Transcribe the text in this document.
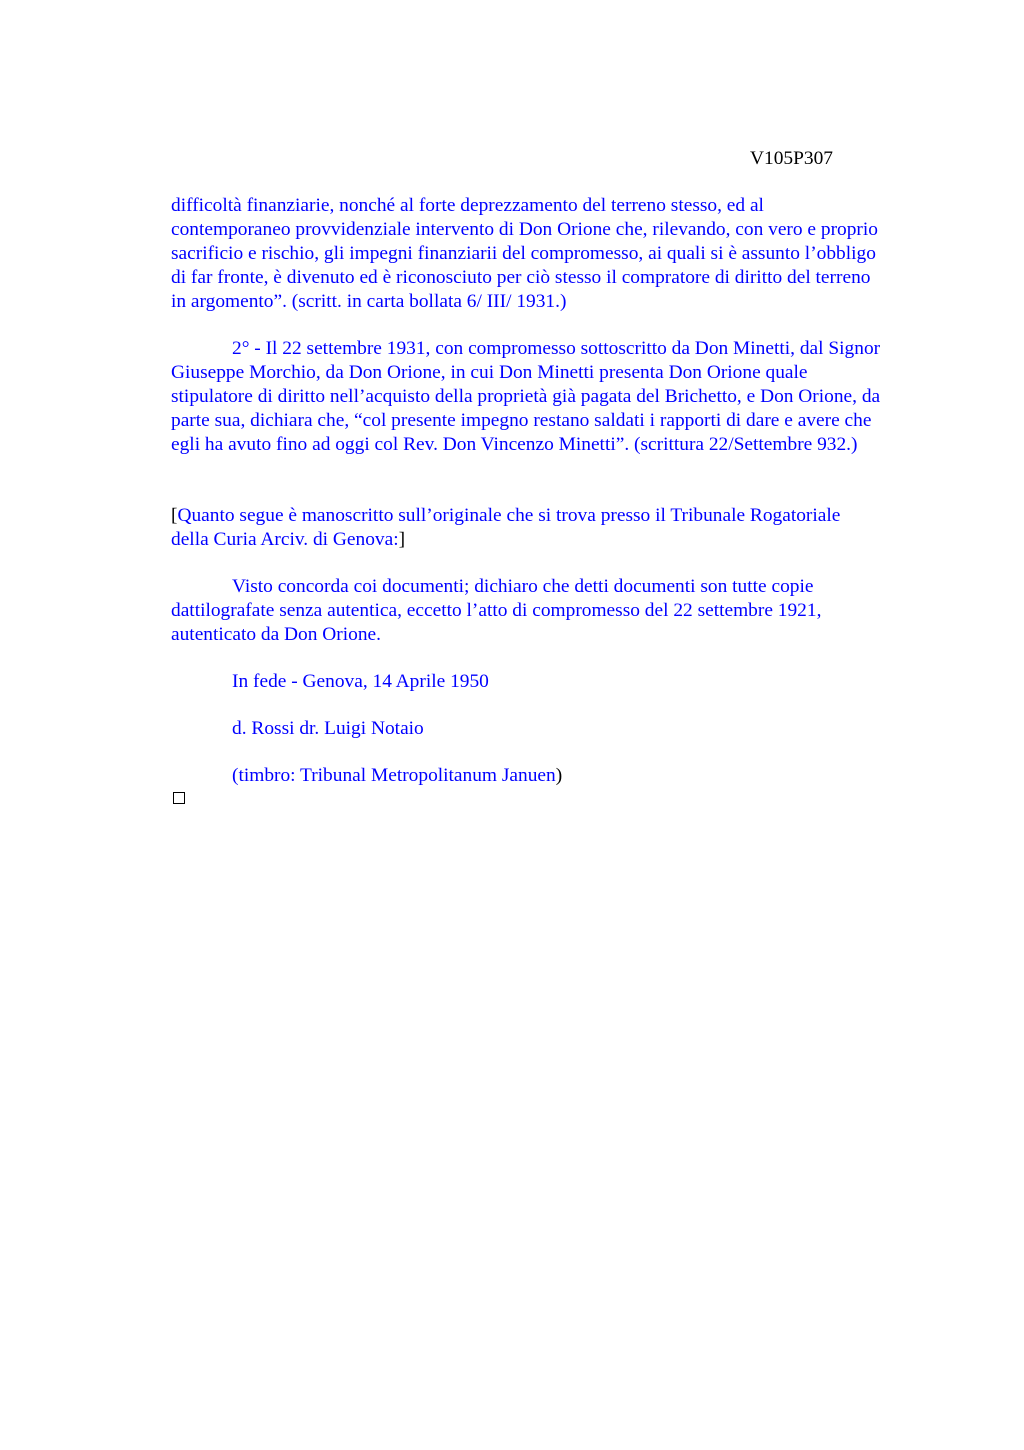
V105P307

difficoltà finanziarie, nonché al forte deprezzamento del terreno stesso, ed al
contemporaneo provvidenziale intervento di Don Orione che, rilevando, con vero e proprio
sacrificio e rischio, gli impegni finanziarii del compromesso, ai quali si è assunto l’obbligo
di far fronte, è divenuto ed è riconosciuto per ciò stesso il compratore di diritto del terreno
in argomento”. (scritt. in carta bollata 6/ III/ 1931.)

2° - Il 22 settembre 1931, con compromesso sottoscritto da Don Minetti, dal Signor
Giuseppe Morchio, da Don Orione, in cui Don Minetti presenta Don Orione quale
stipulatore di diritto nell’acquisto della proprietà già pagata del Brichetto, e Don Orione, da
parte sua, dichiara che, “col presente impegno restano saldati i rapporti di dare e avere che
egli ha avuto fino ad oggi col Rev. Don Vincenzo Minetti”. (scrittura 22/Settembre 932.)

[Quanto segue è manoscritto sull’originale che si trova presso il Tribunale Rogatoriale
della Curia Arciv. di Genova:]

Visto concorda coi documenti; dichiaro che detti documenti son tutte copie
dattilografate senza autentica, eccetto l’atto di compromesso del 22 settembre 1921,
autenticato da Don Orione.

In fede - Genova, 14 Aprile 1950

d. Rossi dr. Luigi Notaio

(timbro: Tribunal Metropolitanum Januen)
